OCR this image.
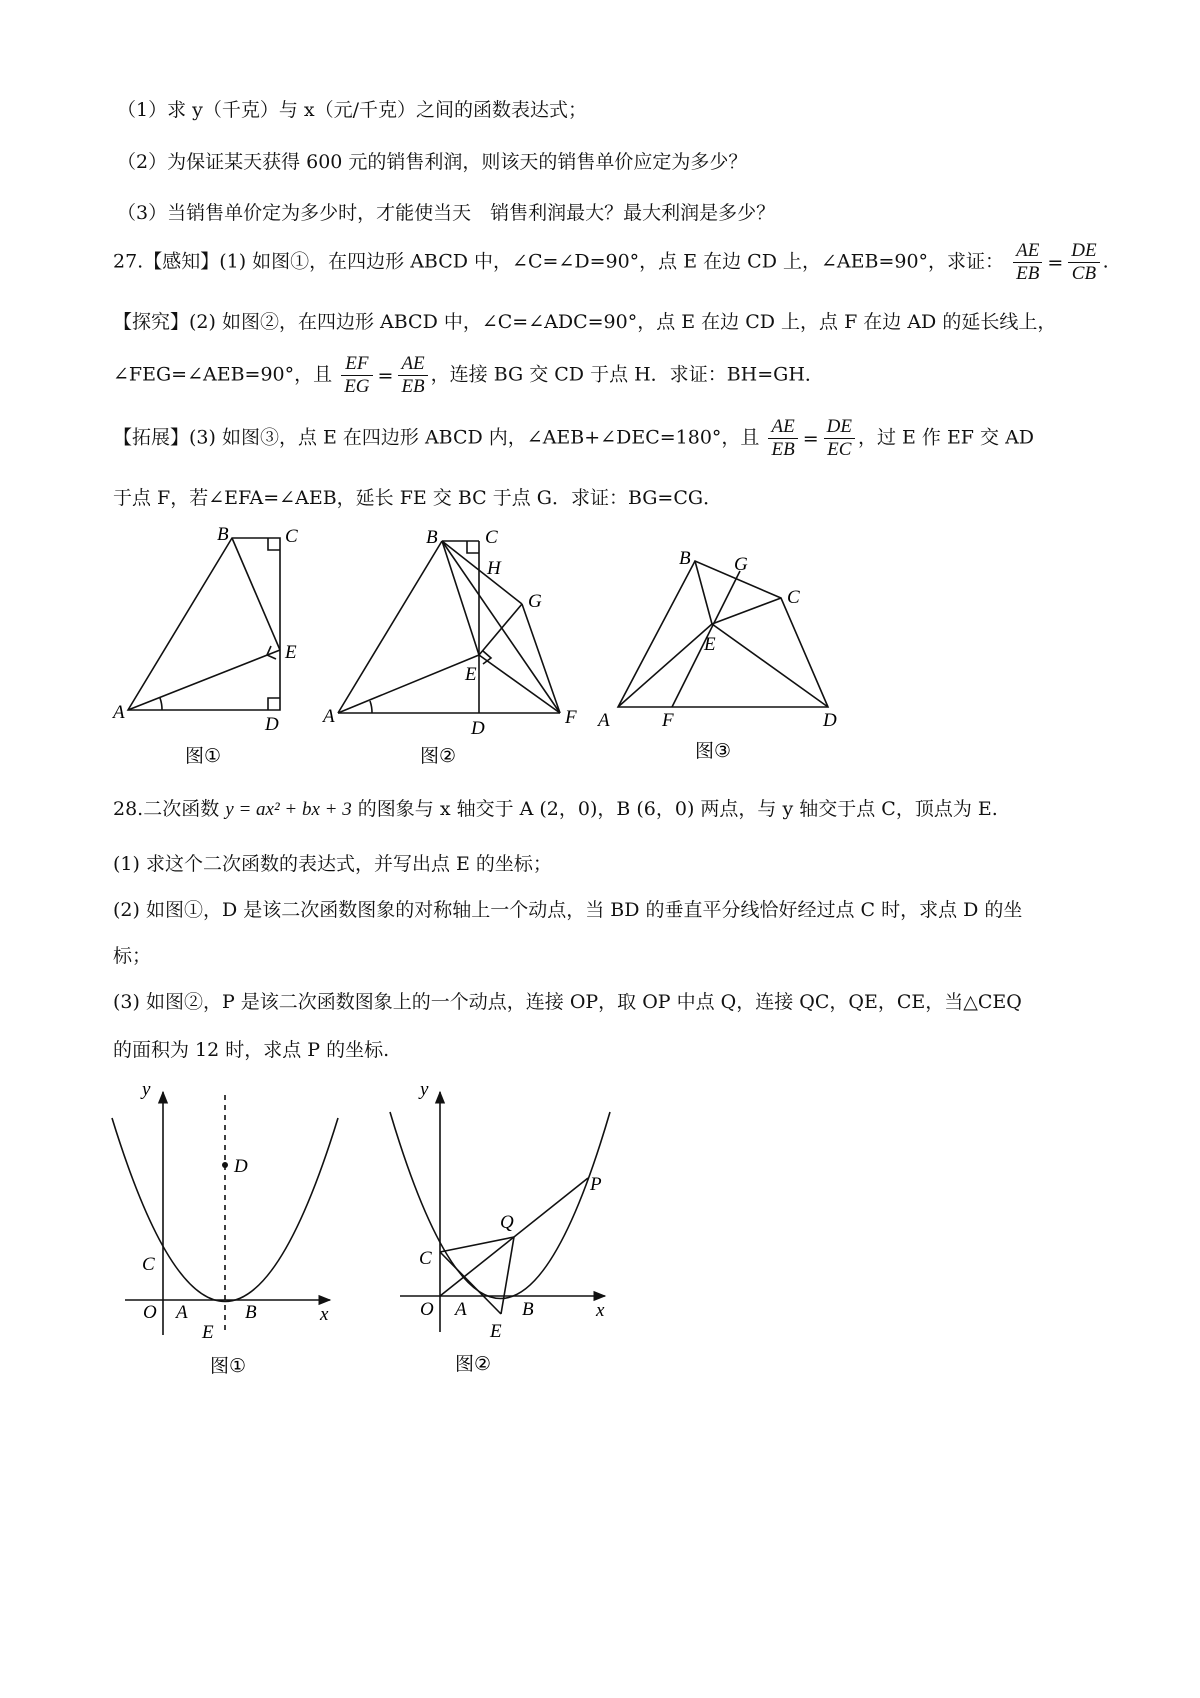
（1）求 y（千克）与 x（元/千克）之间的函数表达式；
（2）为保证某天获得 600 元的销售利润，则该天的销售单价应定为多少？
（3）当销售单价定为多少时，才能使当天　销售利润最大？最大利润是多少？
27.【感知】(1) 如图①，在四边形 ABCD 中，∠C=∠D=90°，点 E 在边 CD 上，∠AEB=90°，求证： $\frac{AE}{EB} = \frac{DE}{CB}$ .
【探究】(2) 如图②，在四边形 ABCD 中，∠C=∠ADC=90°，点 E 在边 CD 上，点 F 在边 AD 的延长线上，
∠FEG=∠AEB=90°，且 $\frac{EF}{EG} = \frac{AE}{EB}$ ，连接 BG 交 CD 于点 H．求证：BH=GH．
【拓展】(3) 如图③，点 E 在四边形 ABCD 内，∠AEB+∠DEC=180°，且 $\frac{AE}{EB} = \frac{DE}{EC}$ ，过 E 作 EF 交 AD
于点 F，若∠EFA=∠AEB，延长 FE 交 BC 于点 G．求证：BG=CG．
A
B	C
D
E
图①
A
B C
D
E
F
G
H
图②
A
B
C
D
E
F
G
图③
28.二次函数 y = ax² + bx + 3 的图象与 x 轴交于 A (2，0)，B (6，0) 两点，与 y 轴交于点 C，顶点为 E.
(1) 求这个二次函数的表达式，并写出点 E 的坐标；
(2) 如图①，D 是该二次函数图象的对称轴上一个动点，当 BD 的垂直平分线恰好经过点 C 时，求点 D 的坐
标；
(3) 如图②，P 是该二次函数图象上的一个动点，连接 OP，取 OP 中点 Q，连接 QC，QE，CE，当△CEQ
的面积为 12 时，求点 P 的坐标.
y
x
O A	B
C
D
E
图①
y
x
O A	B
C
E
P
Q
图②
